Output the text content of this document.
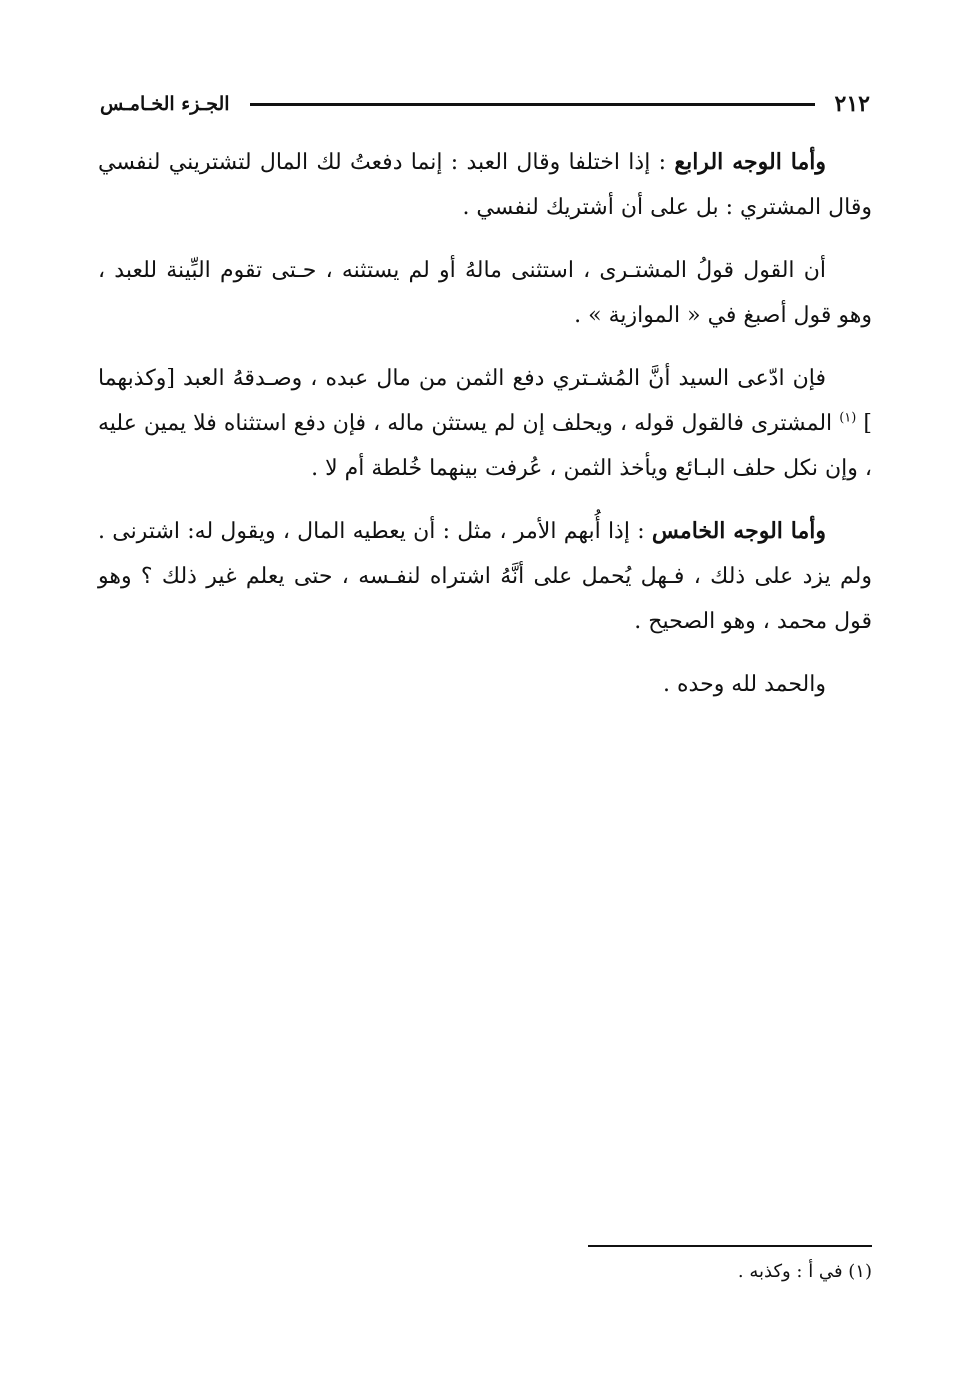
٢١٢
الجـزء الخـامـس

وأما الوجه الرابع : إذا اختلفا وقال العبد : إنما دفعتُ لك المال لتشتريني لنفسي وقال المشتري : بل على أن أشتريك لنفسي .

أن القول قولُ المشتـرى ، استثنى مالهُ أو لم يستثنه ، حـتى تقوم البِّينة للعبد ، وهو قول أصبغ في « الموازية » .

فإن ادّعى السيد أنَّ المُشـتري دفع الثمن من مال عبده ، وصـدقهُ العبد [وكذبهما ] $^{(١)}$ المشترى فالقول قوله ، ويحلف إن لم يستثن ماله ، فإن دفع استثناه فلا يمين عليه ، وإن نكل حلف البـائع ويأخذ الثمن ، عُرفت بينهما خُلطة أم لا .

وأما الوجه الخامس : إذا أُبهم الأمر ، مثل : أن يعطيه المال ، ويقول له: اشترنى . ولم يزد على ذلك ، فـهل يُحمل على أنَّهُ اشتراه لنفـسه ، حتى يعلم غير ذلك ؟ وهو قول محمد ، وهو الصحيح .

والحمد لله وحده .

(١) في أ : وكذبه .
